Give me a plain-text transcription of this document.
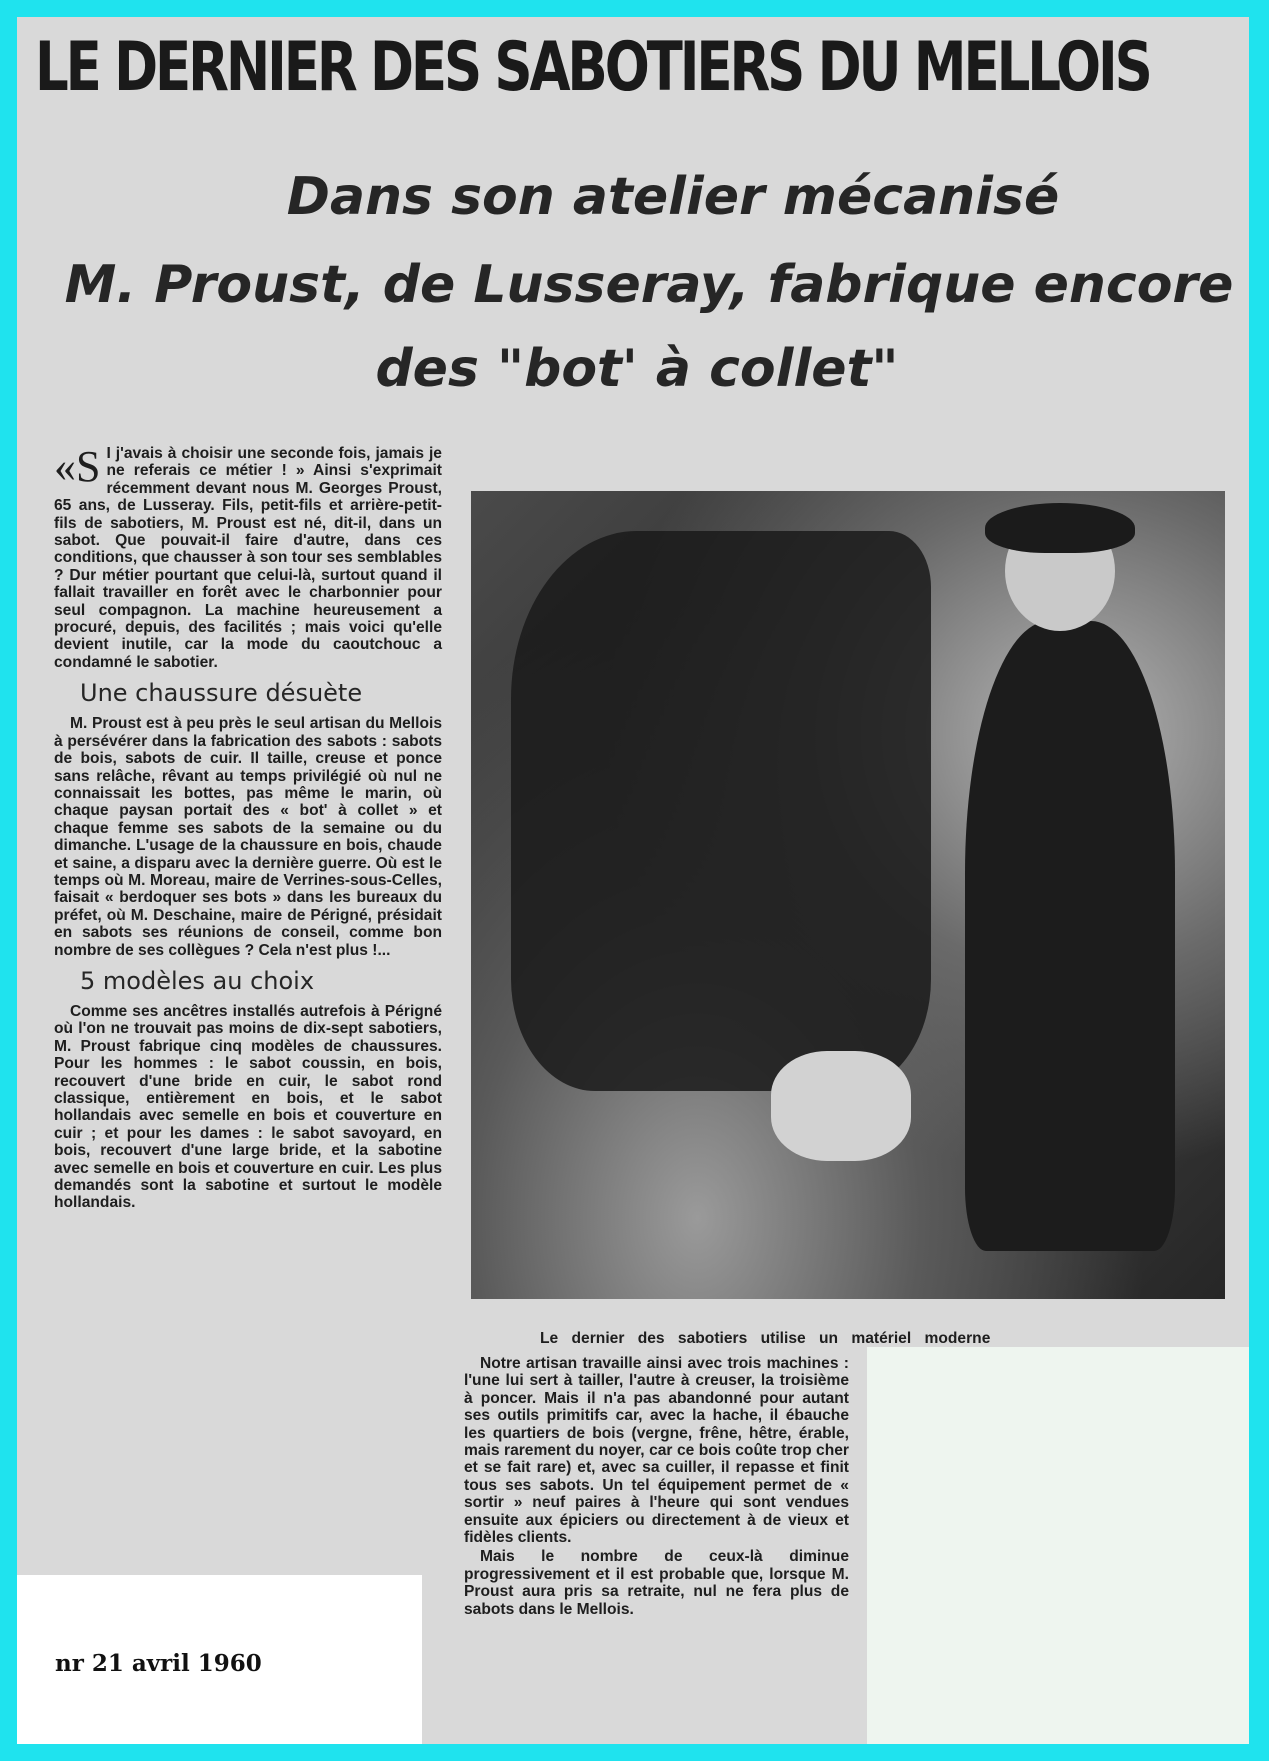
LE DERNIER DES SABOTIERS DU MELLOIS
Dans son atelier mécanisé
M. Proust, de Lusseray, fabrique encore
des "bot' à collet"

«S I j'avais à choisir une seconde fois, jamais je ne referais ce métier ! » Ainsi s'exprimait récemment devant nous M. Georges Proust, 65 ans, de Lusseray. Fils, petit-fils et arrière-petit-fils de sabotiers, M. Proust est né, dit-il, dans un sabot. Que pouvait-il faire d'autre, dans ces conditions, que chausser à son tour ses semblables ? Dur métier pourtant que celui-là, surtout quand il fallait travailler en forêt avec le charbonnier pour seul compagnon. La machine heureusement a procuré, depuis, des facilités ; mais voici qu'elle devient inutile, car la mode du caoutchouc a condamné le sabotier.

Une chaussure désuète

M. Proust est à peu près le seul artisan du Mellois à persévérer dans la fabrication des sabots : sabots de bois, sabots de cuir. Il taille, creuse et ponce sans relâche, rêvant au temps privilégié où nul ne connaissait les bottes, pas même le marin, où chaque paysan portait des « bot' à collet » et chaque femme ses sabots de la semaine ou du dimanche. L'usage de la chaussure en bois, chaude et saine, a disparu avec la dernière guerre. Où est le temps où M. Moreau, maire de Verrines-sous-Celles, faisait « berdoquer ses bots » dans les bureaux du préfet, où M. Deschaine, maire de Périgné, présidait en sabots ses réunions de conseil, comme bon nombre de ses collègues ? Cela n'est plus !...

5 modèles au choix

Comme ses ancêtres installés autrefois à Périgné où l'on ne trouvait pas moins de dix-sept sabotiers, M. Proust fabrique cinq modèles de chaussures. Pour les hommes : le sabot coussin, en bois, recouvert d'une bride en cuir, le sabot rond classique, entièrement en bois, et le sabot hollandais avec semelle en bois et couverture en cuir ; et pour les dames : le sabot savoyard, en bois, recouvert d'une large bride, et la sabotine avec semelle en bois et couverture en cuir. Les plus demandés sont la sabotine et surtout le modèle hollandais.

Le dernier des sabotiers utilise un matériel moderne

Notre artisan travaille ainsi avec trois machines : l'une lui sert à tailler, l'autre à creuser, la troisième à poncer. Mais il n'a pas abandonné pour autant ses outils primitifs car, avec la hache, il ébauche les quartiers de bois (vergne, frêne, hêtre, érable, mais rarement du noyer, car ce bois coûte trop cher et se fait rare) et, avec sa cuiller, il repasse et finit tous ses sabots. Un tel équipement permet de « sortir » neuf paires à l'heure qui sont vendues ensuite aux épiciers ou directement à de vieux et fidèles clients.

Mais le nombre de ceux-là diminue progressivement et il est probable que, lorsque M. Proust aura pris sa retraite, nul ne fera plus de sabots dans le Mellois.

nr 21 avril 1960
